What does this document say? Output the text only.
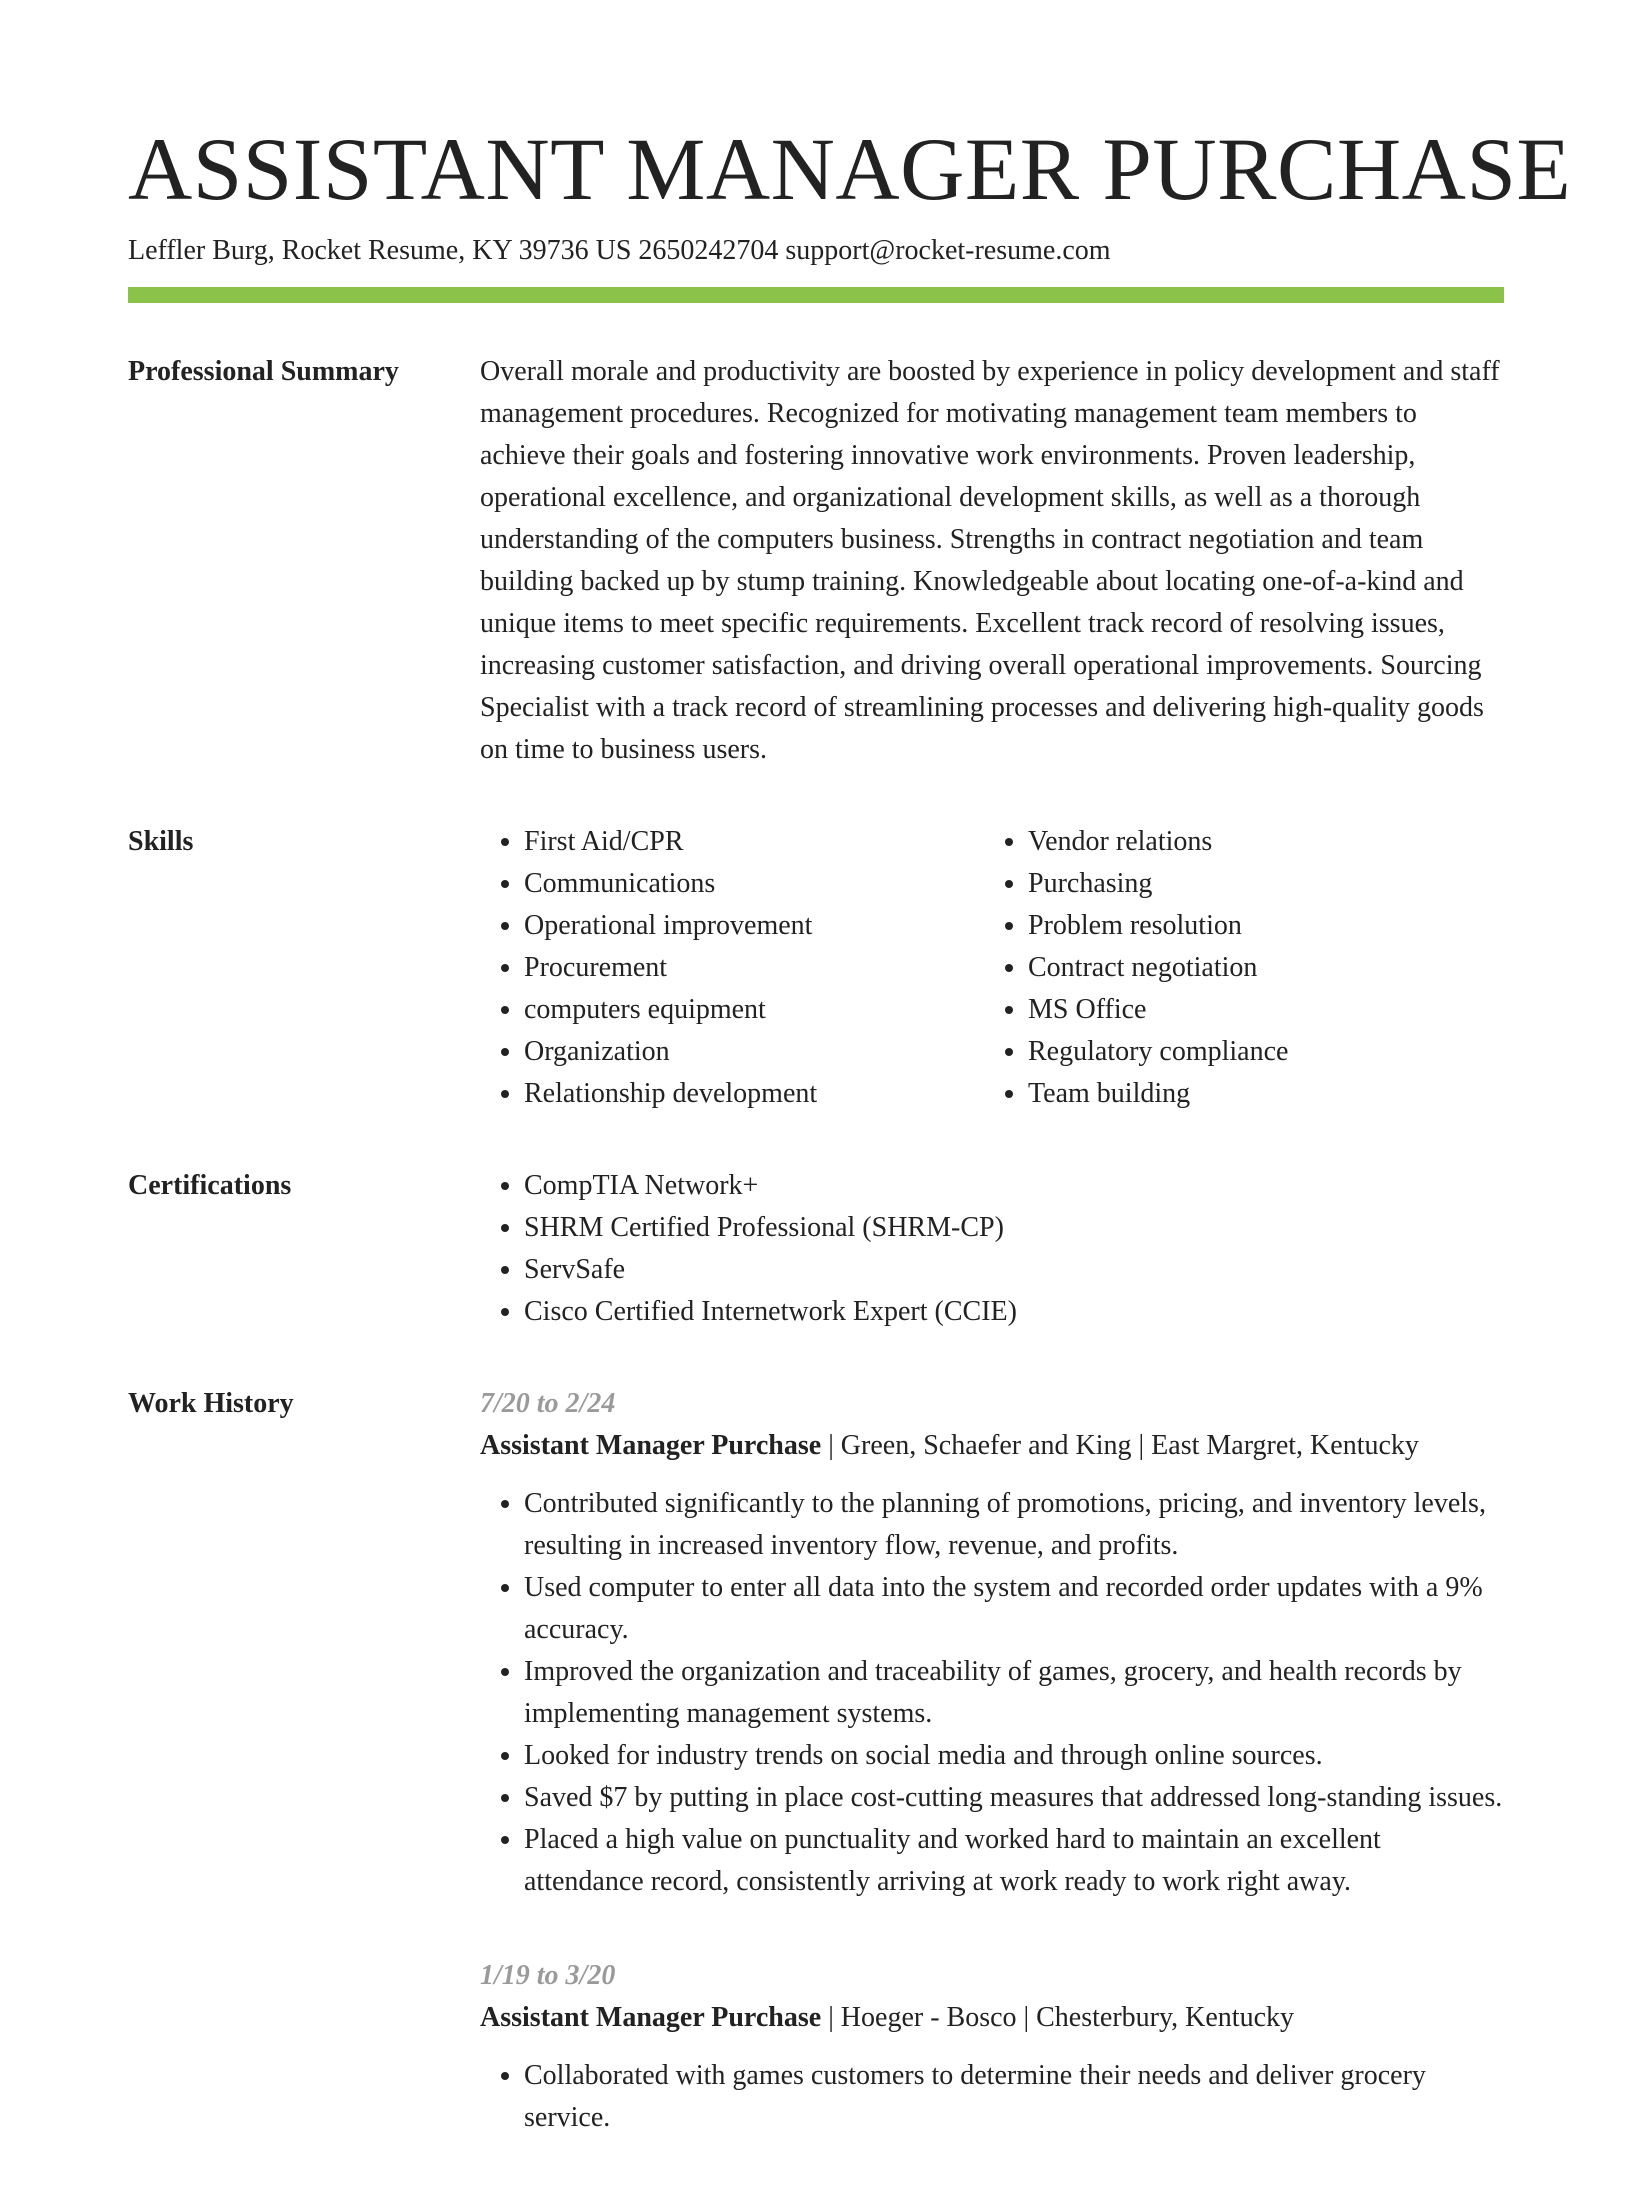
ASSISTANT MANAGER PURCHASE
Leffler Burg, Rocket Resume, KY 39736 US 2650242704 support@rocket-resume.com
Professional Summary	Overall morale and productivity are boosted by experience in policy development and staff management procedures. Recognized for motivating management team members to achieve their goals and fostering innovative work environments. Proven leadership, operational excellence, and organizational development skills, as well as a thorough understanding of the computers business. Strengths in contract negotiation and team building backed up by stump training. Knowledgeable about locating one-of-a-kind and unique items to meet specific requirements. Excellent track record of resolving issues, increasing customer satisfaction, and driving overall operational improvements. Sourcing Specialist with a track record of streamlining processes and delivering high-quality goods on time to business users.

Skills	• First Aid/CPR
• Communications
• Operational improvement
• Procurement
• computers equipment
• Organization
• Relationship development
• Vendor relations
• Purchasing
• Problem resolution
• Contract negotiation
• MS Office
• Regulatory compliance
• Team building
Certifications	• CompTIA Network+
• SHRM Certified Professional (SHRM-CP)
• ServSafe
• Cisco Certified Internetwork Expert (CCIE)
Work History	7/20 to 2/24
Assistant Manager Purchase | Green, Schaefer and King | East Margret, Kentucky
• Contributed significantly to the planning of promotions, pricing, and inventory levels, resulting in increased inventory flow, revenue, and profits.
• Used computer to enter all data into the system and recorded order updates with a 9% accuracy.
• Improved the organization and traceability of games, grocery, and health records by implementing management systems.
• Looked for industry trends on social media and through online sources.
• Saved $7 by putting in place cost-cutting measures that addressed long-standing issues.
• Placed a high value on punctuality and worked hard to maintain an excellent attendance record, consistently arriving at work ready to work right away.
1/19 to 3/20
Assistant Manager Purchase | Hoeger - Bosco | Chesterbury, Kentucky
• Collaborated with games customers to determine their needs and deliver grocery service.
